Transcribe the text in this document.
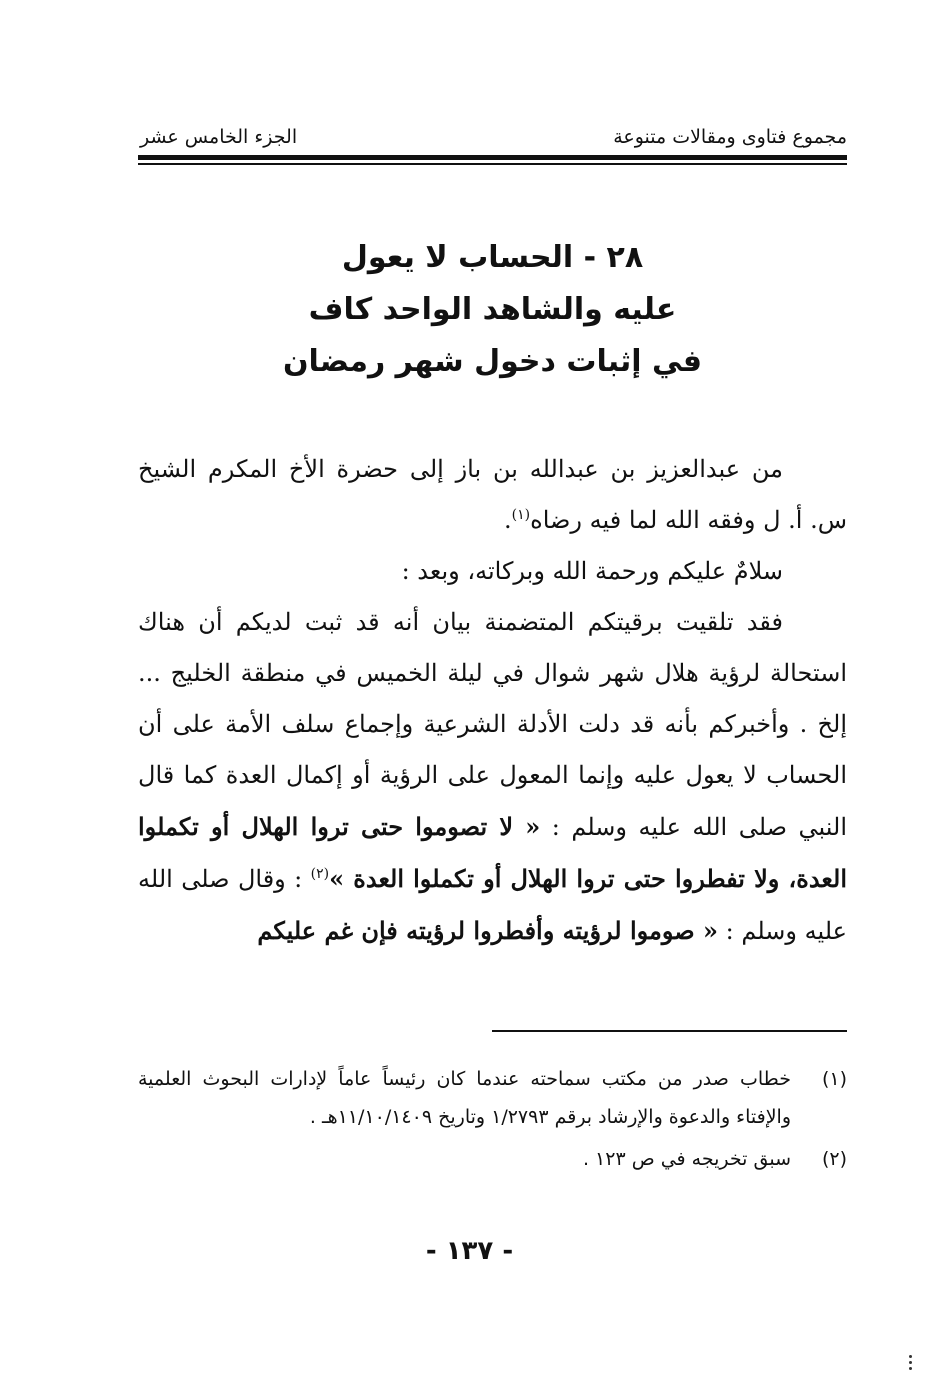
مجموع فتاوى ومقالات متنوعة
الجزء الخامس عشر
٢٨ - الحساب لا يعول
عليه والشاهد الواحد كاف
في إثبات دخول شهر رمضان

من عبدالعزيز بن عبدالله بن باز إلى حضرة الأخ المكرم الشيخ س. أ. ل وفقه الله لما فيه رضاه$^{(١)}$.

سلامٌ عليكم ورحمة الله وبركاته، وبعد :

فقد تلقيت برقيتكم المتضمنة بيان أنه قد ثبت لديكم أن هناك استحالة لرؤية هلال شهر شوال في ليلة الخميس في منطقة الخليج ... إلخ . وأخبركم بأنه قد دلت الأدلة الشرعية وإجماع سلف الأمة على أن الحساب لا يعول عليه وإنما المعول على الرؤية أو إكمال العدة كما قال النبي صلى الله عليه وسلم : « لا تصوموا حتى تروا الهلال أو تكملوا العدة، ولا تفطروا حتى تروا الهلال أو تكملوا العدة »$^{(٢)}$ : وقال صلى الله عليه وسلم : « صوموا لرؤيته وأفطروا لرؤيته فإن غم عليكم

(١)
خطاب صدر من مكتب سماحته عندما كان رئيساً عاماً لإدارات البحوث العلمية والإفتاء والدعوة والإرشاد برقم ١/٢٧٩٣ وتاريخ ١١/١٠/١٤٠٩هـ .
(٢)
سبق تخريجه في ص ١٢٣ .
- ١٣٧ -
